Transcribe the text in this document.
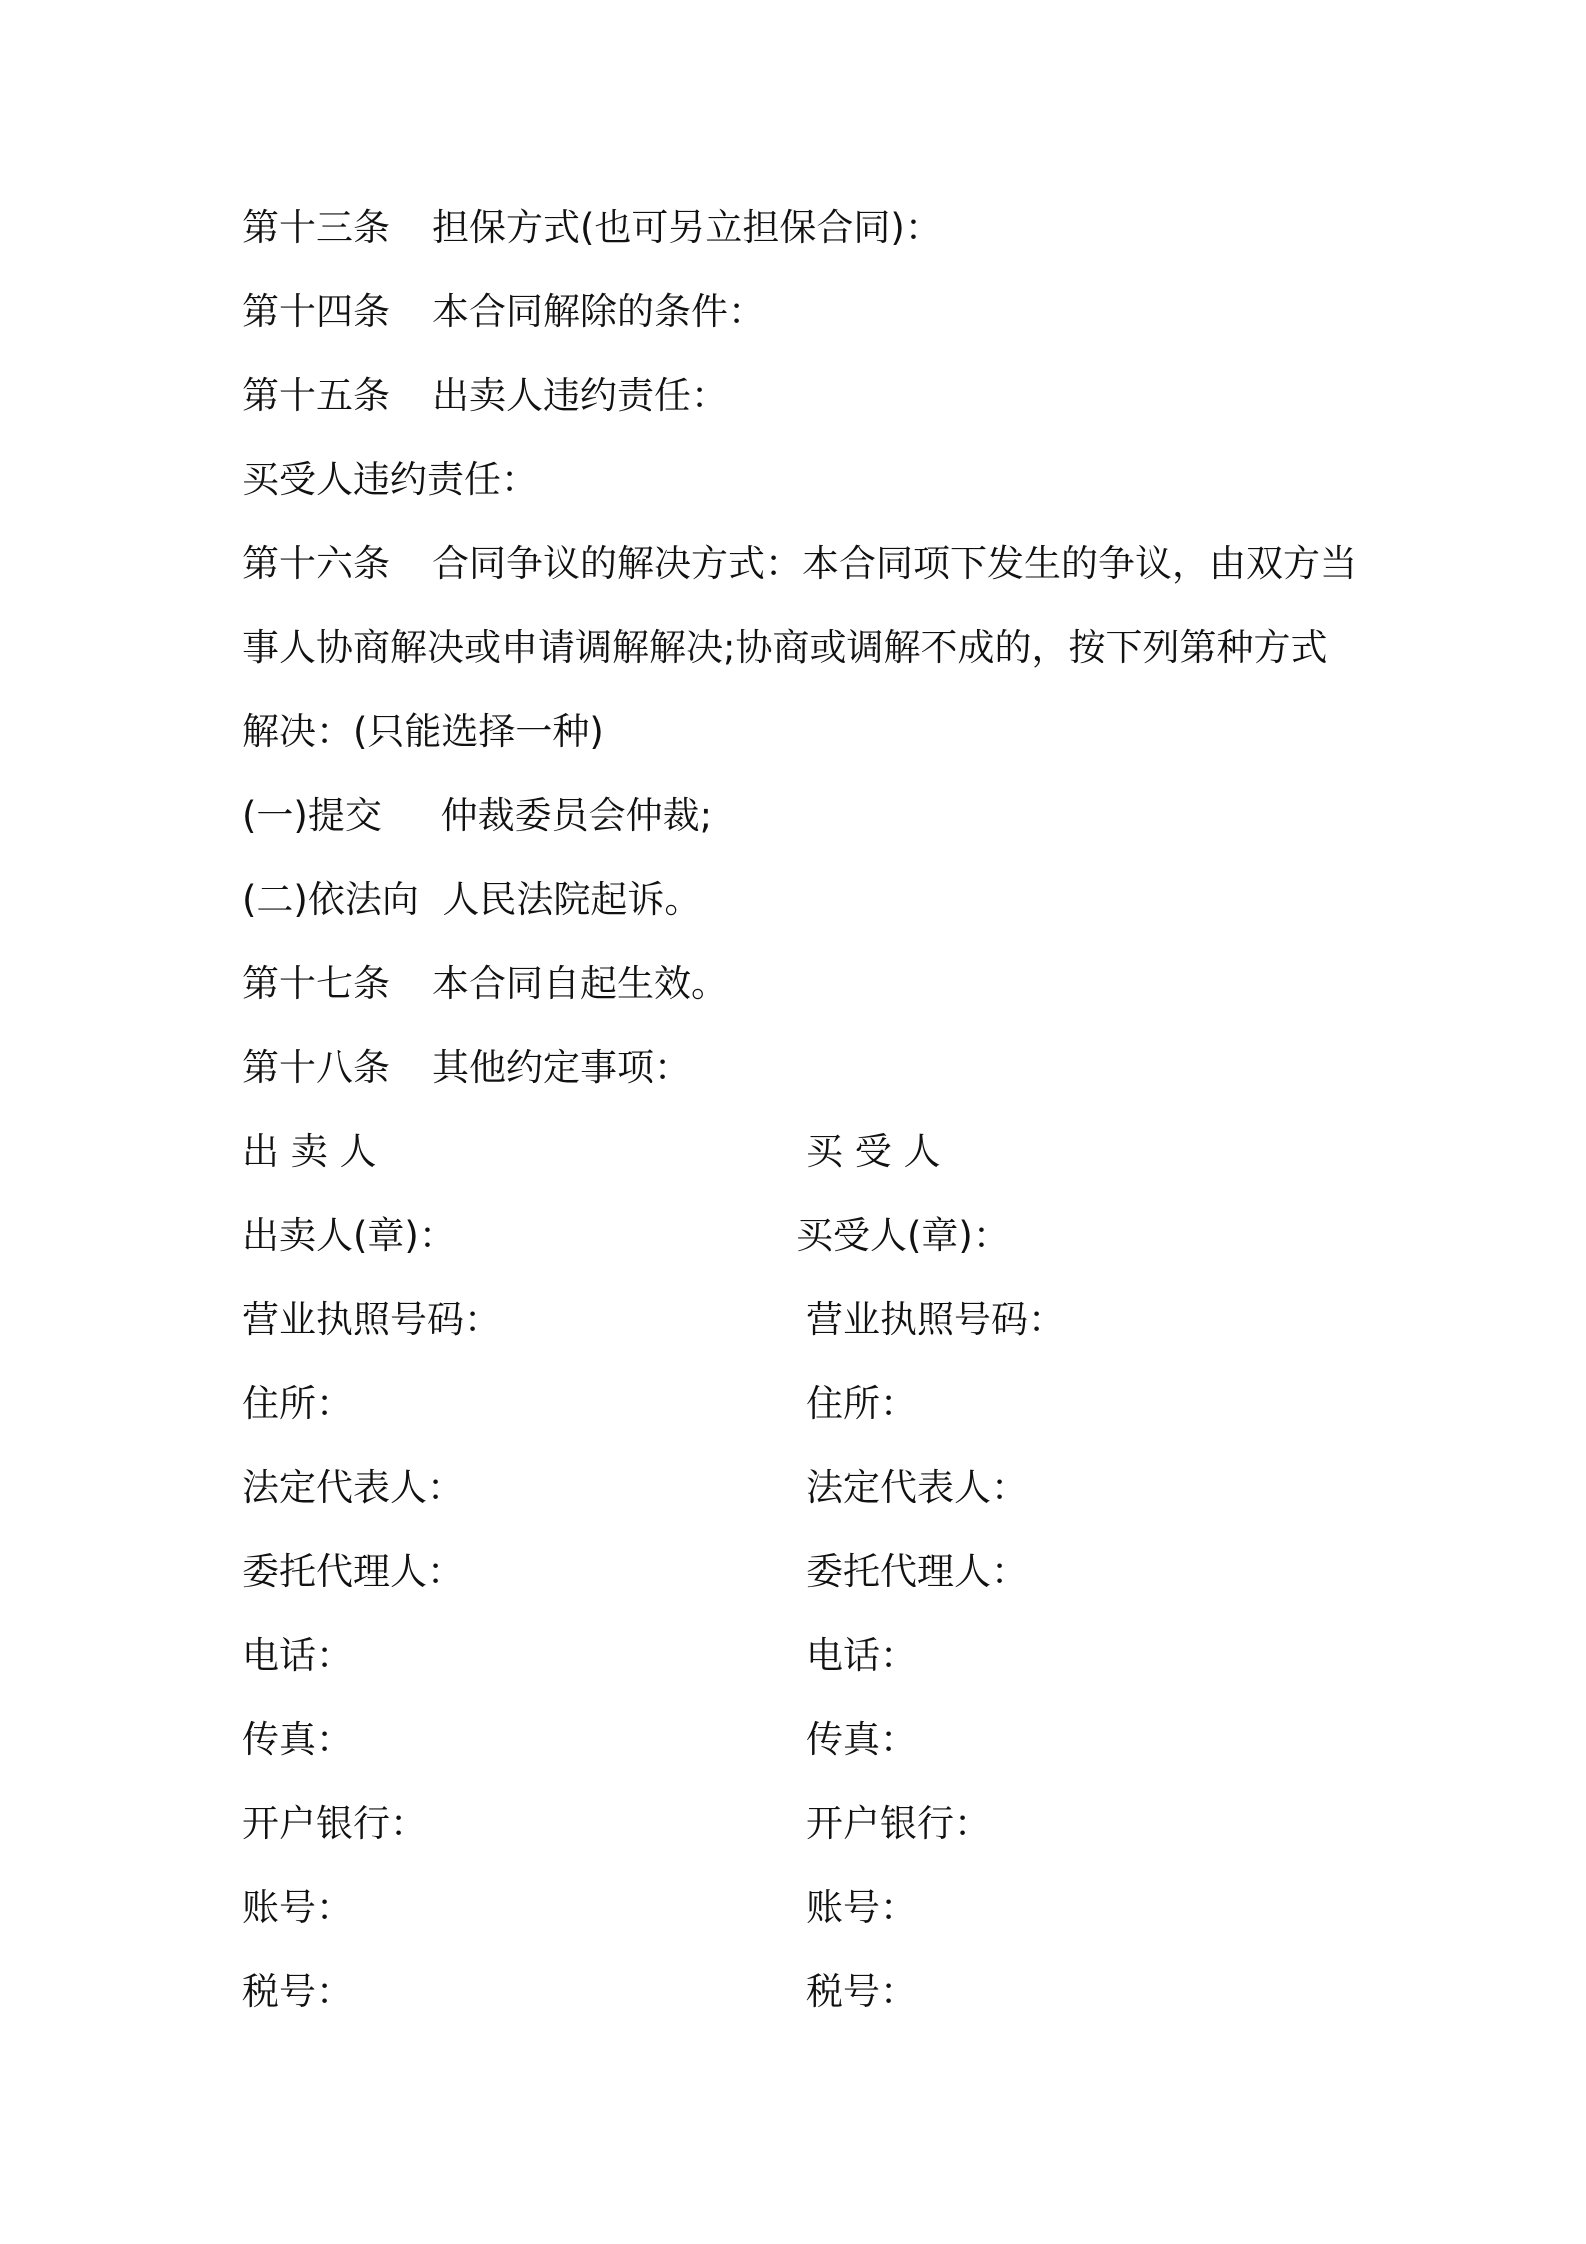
第十三条 担保方式(也可另立担保合同)：
第十四条 本合同解除的条件：
第十五条 出卖人违约责任：
买受人违约责任：
第十六条 合同争议的解决方式：本合同项下发生的争议，由双方当
事人协商解决或申请调解解决;协商或调解不成的，按下列第种方式
解决：(只能选择一种)
(一)提交     仲裁委员会仲裁;
(二)依法向  人民法院起诉。
第十七条 本合同自起生效。
第十八条 其他约定事项：
出 卖 人
出卖人(章)：
营业执照号码：
住所：
法定代表人：
委托代理人：
电话：
传真：
开户银行：
账号：
税号：
买 受 人
买受人(章)：
营业执照号码：
住所：
法定代表人：
委托代理人：
电话：
传真：
开户银行：
账号：
税号：
